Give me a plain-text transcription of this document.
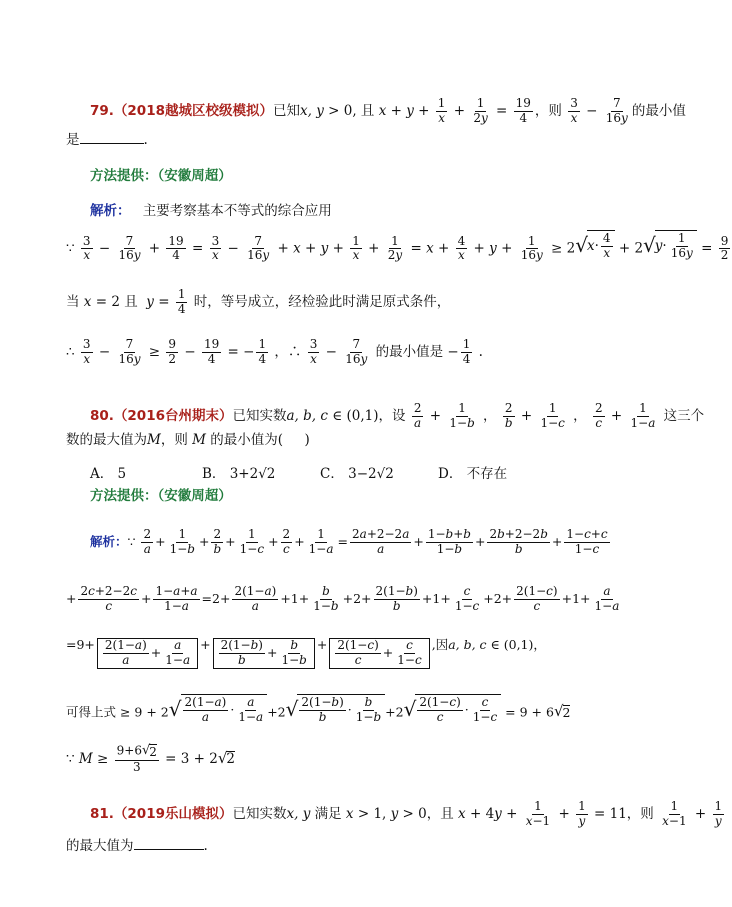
79.（2018越城区校级模拟）已知x, y > 0, 且 $x + y + \frac{1}{x} + \frac{1}{2y} = \frac{19}{4}$ ，则 $\frac{3}{x} - \frac{7}{16y}$ 的最小值
是	.
方法提供：（安徽周超）
解析： 主要考察基本不等式的综合应用
∵ $\frac{3}{x} - \frac{7}{16y} + \frac{19}{4} = \frac{3}{x} - \frac{7}{16y} + x + y + \frac{1}{x} + \frac{1}{2y} = x + \frac{4}{x} + y + \frac{1}{16y} \ge 2$ √ $x \cdot \frac{4}{x} + 2$ √ $y \cdot \frac{1}{16y} = \frac{9}{2}$
当 x = 2 且  $y = \frac{1}{4}$ 时，等号成立，经检验此时满足原式条件，
∴ $\frac{3}{x} - \frac{7}{16y} \ge \frac{9}{2} - \frac{19}{4}$ = − $\frac{1}{4}$ ，∴ $\frac{3}{x} - \frac{7}{16y}$ 的最小值是 − $\frac{1}{4}$ .
80.（2016台州期末）已知实数a, b, c ∈ (0,1)，设 $\frac{2}{a} + \frac{1}{1-b}$ ， $\frac{2}{b} + \frac{1}{1-c}$ ， $\frac{2}{c} + \frac{1}{1-a}$ 这三个
数的最大值为M，则 M 的最小值为(     )
A． 5	B． 3+2√2	C． 3−2√2	D． 不存在
方法提供：（安徽周超）
解析：∵ $\frac{2}{a} + \frac{1}{1-b} + \frac{2}{b} + \frac{1}{1-c} + \frac{2}{c} + \frac{1}{1-a} = \frac{2a+2-2a}{a} + \frac{1-b+b}{1-b} + \frac{2b+2-2b}{b} + \frac{1-c+c}{1-c}$
+ $\frac{2c+2-2c}{c} + \frac{1-a+a}{1-a} =2+ \frac{2(1-a)}{a} +1+ \frac{b}{1-b} +2+ \frac{2(1-b)}{b} +1+ \frac{c}{1-c} +2+ \frac{2(1-c)}{c} +1+ \frac{a}{1-a}$
$=9+ \frac{2(1-a)}{a} + \frac{a}{1-a} + \frac{2(1-b)}{b} + \frac{b}{1-b} + \frac{2(1-c)}{c} + \frac{c}{1-c}$ ,因a, b, c ∈ (0,1)，
可得上式 ≥ 9 + 2 √ $\frac{2(1-a)}{a} \cdot \frac{a}{1-a} +2$ √ $\frac{2(1-b)}{b} \cdot \frac{b}{1-b} +2$ √ $\frac{2(1-c)}{c} \cdot \frac{c}{1-c} = 9 + 6$ √ 2
∵ $M \ge \frac{9+6 √ 2}{3} = 3 + 2$ √ 2
81.（2019乐山模拟）已知实数x, y 满足 x > 1, y > 0，且 $x + 4y + \frac{1}{x-1} + \frac{1}{y} = 11$，则 $\frac{1}{x-1} + \frac{1}{y}$
的最大值为	.
